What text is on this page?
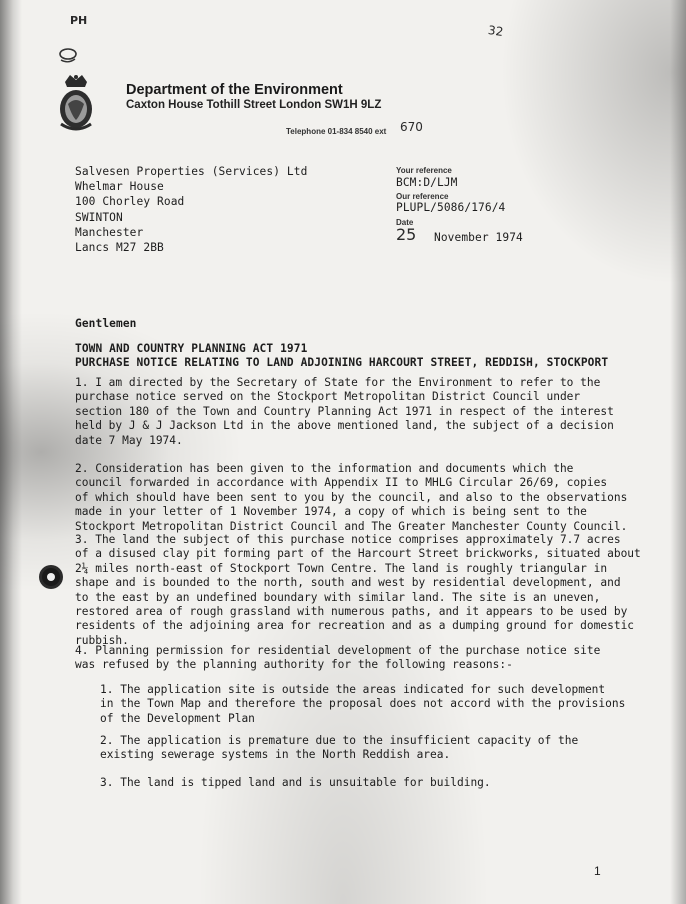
PH
32
Department of the Environment
Caxton House Tothill Street London SW1H 9LZ
Telephone 01-834 8540 ext 670
Salvesen Properties (Services) Ltd
Whelmar House
100 Chorley Road
SWINTON
Manchester
Lancs M27 2BB
Your reference
BCM:D/LJM
Our reference
PLUPL/5086/176/4
Date
25 November 1974
Gentlemen
TOWN AND COUNTRY PLANNING ACT 1971
PURCHASE NOTICE RELATING TO LAND ADJOINING HARCOURT STREET, REDDISH, STOCKPORT
1. I am directed by the Secretary of State for the Environment to refer to the
purchase notice served on the Stockport Metropolitan District Council under
section 180 of the Town and Country Planning Act 1971 in respect of the interest
held by J & J Jackson Ltd in the above mentioned land, the subject of a decision
date 7 May 1974.
2. Consideration has been given to the information and documents which the
council forwarded in accordance with Appendix II to MHLG Circular 26/69, copies
of which should have been sent to you by the council, and also to the observations
made in your letter of 1 November 1974, a copy of which is being sent to the
Stockport Metropolitan District Council and The Greater Manchester County Council.
3. The land the subject of this purchase notice comprises approximately 7.7 acres
of a disused clay pit forming part of the Harcourt Street brickworks, situated about
2¼ miles north-east of Stockport Town Centre. The land is roughly triangular in
shape and is bounded to the north, south and west by residential development, and
to the east by an undefined boundary with similar land. The site is an uneven,
restored area of rough grassland with numerous paths, and it appears to be used by
residents of the adjoining area for recreation and as a dumping ground for domestic
rubbish.
4. Planning permission for residential development of the purchase notice site
was refused by the planning authority for the following reasons:-
1. The application site is outside the areas indicated for such development
in the Town Map and therefore the proposal does not accord with the provisions
of the Development Plan
2. The application is premature due to the insufficient capacity of the
existing sewerage systems in the North Reddish area.
3. The land is tipped land and is unsuitable for building.
1
